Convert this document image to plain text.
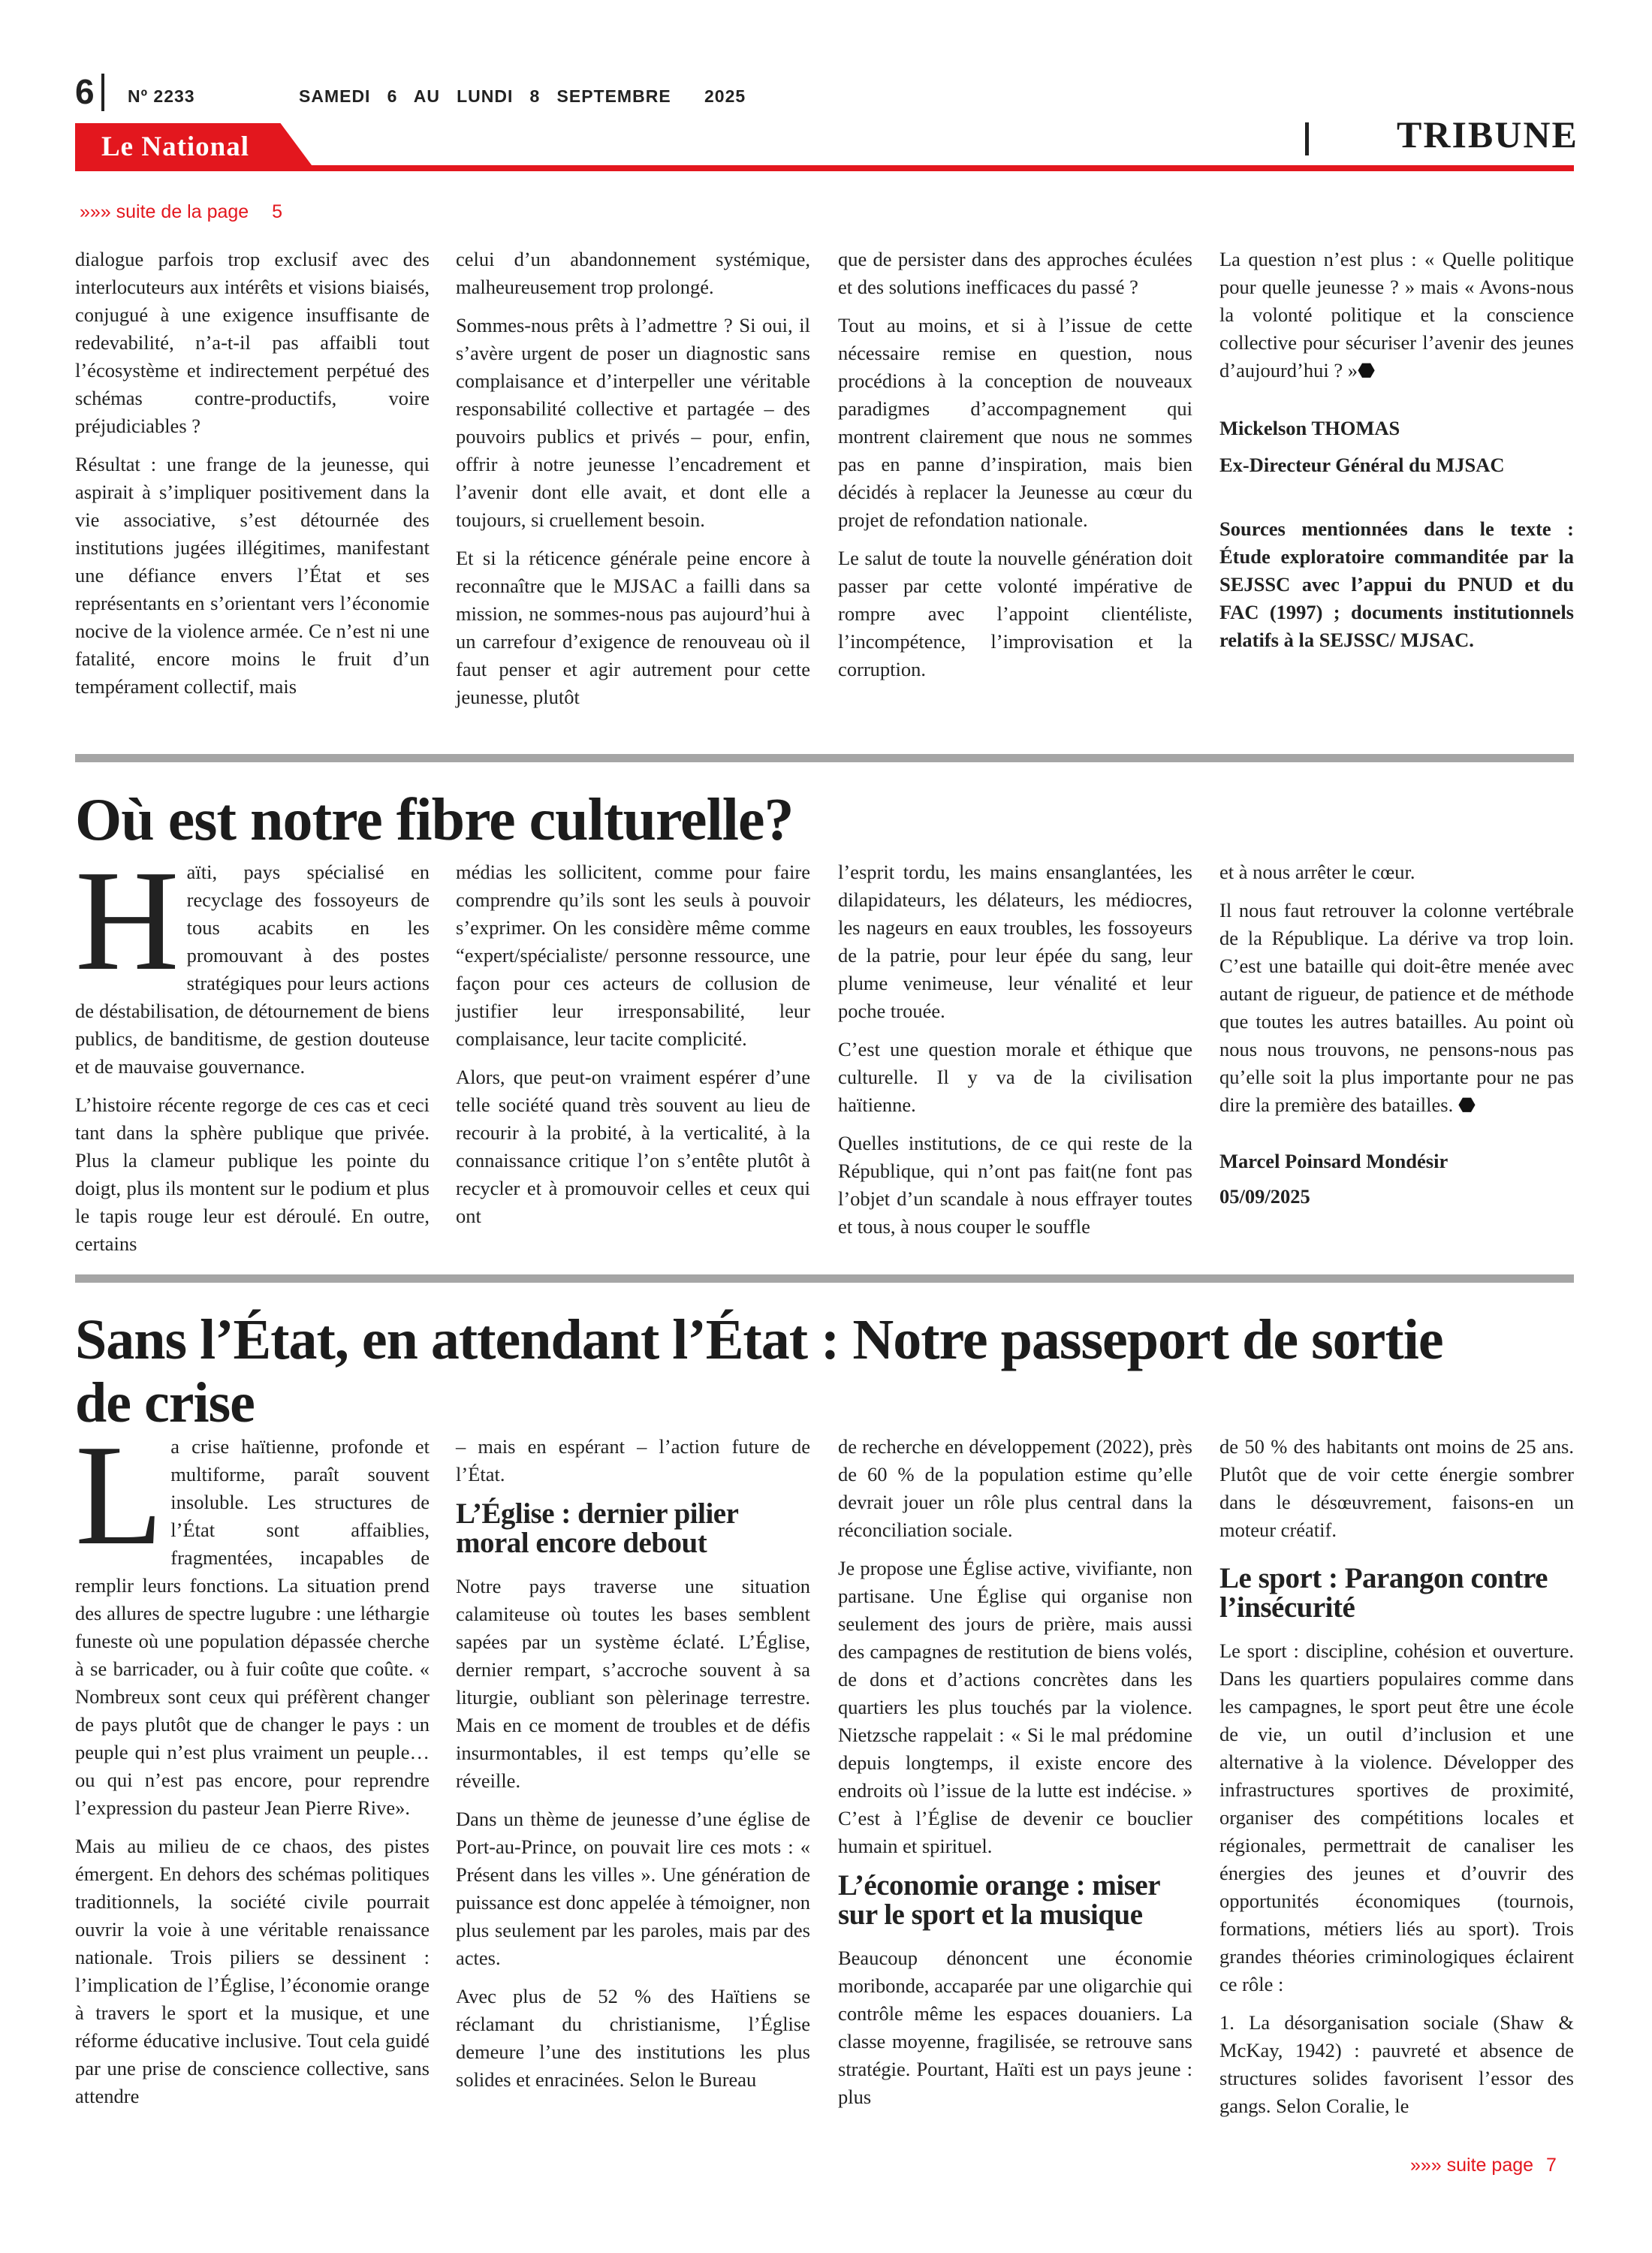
6 Nº 2233	SAMEDI   6   AU   LUNDI   8   SEPTEMBRE      2025
Le National	TRIBUNE
»»» suite de la page 5

dialogue parfois trop exclusif avec des interlocuteurs aux intérêts et visions biaisés, conjugué à une exigence insuffisante de redevabilité, n’a-t-il pas affaibli tout l’écosystème et indirectement perpétué des schémas contre-productifs, voire préjudiciables ?

Résultat : une frange de la jeunesse, qui aspirait à s’impliquer positivement dans la vie associative, s’est détournée des institutions jugées illégitimes, manifestant une défiance envers l’État et ses représentants en s’orientant vers l’économie nocive de la violence armée. Ce n’est ni une fatalité, encore moins le fruit d’un tempérament collectif, mais

celui d’un abandonnement systémique, malheureusement trop prolongé.

Sommes-nous prêts à l’admettre ? Si oui, il s’avère urgent de poser un diagnostic sans complaisance et d’interpeller une véritable responsabilité collective et partagée – des pouvoirs publics et privés – pour, enfin, offrir à notre jeunesse l’encadrement et l’avenir dont elle avait, et dont elle a toujours, si cruellement besoin.

Et si la réticence générale peine encore à reconnaître que le MJSAC a failli dans sa mission, ne sommes-nous pas aujourd’hui à un carrefour d’exigence de renouveau où il faut penser et agir autrement pour cette jeunesse, plutôt

que de persister dans des approches éculées et des solutions inefficaces du passé ?

Tout au moins, et si à l’issue de cette nécessaire remise en question, nous procédions à la conception de nouveaux paradigmes d’accompagnement qui montrent clairement que nous ne sommes pas en panne d’inspiration, mais bien décidés à replacer la Jeunesse au cœur du projet de refondation nationale.

Le salut de toute la nouvelle génération doit passer par cette volonté impérative de rompre avec l’appoint clientéliste, l’incompétence, l’improvisation et la corruption.

La question n’est plus : « Quelle politique pour quelle jeunesse ? » mais « Avons-nous la volonté politique et la conscience collective pour sécuriser l’avenir des jeunes d’aujourd’hui ? »⬣

Mickelson THOMAS

Ex-Directeur Général du MJSAC

Sources mentionnées dans le texte : Étude exploratoire commanditée par la SEJSSC avec l’appui du PNUD et du FAC (1997) ; documents institutionnels relatifs à la SEJSSC/ MJSAC.

Où est notre fibre culturelle?

Haïti, pays spécialisé en recyclage des fossoyeurs de tous acabits en les promouvant à des postes stratégiques pour leurs actions de déstabilisation, de détournement de biens publics, de banditisme, de gestion douteuse et de mauvaise gouvernance.

L’histoire récente regorge de ces cas et ceci tant dans la sphère publique que privée. Plus la clameur publique les pointe du doigt, plus ils montent sur le podium et plus le tapis rouge leur est déroulé. En outre, certains

médias les sollicitent, comme pour faire comprendre qu’ils sont les seuls à pouvoir s’exprimer. On les considère même comme “expert/spécialiste/ personne ressource, une façon pour ces acteurs de collusion de justifier leur irresponsabilité, leur complaisance, leur tacite complicité.

Alors, que peut-on vraiment espérer d’une telle société quand très souvent au lieu de recourir à la probité, à la verticalité, à la connaissance critique l’on s’entête plutôt à recycler et à promouvoir celles et ceux qui ont

l’esprit tordu, les mains ensanglantées, les dilapidateurs, les délateurs, les médiocres, les nageurs en eaux troubles, les fossoyeurs de la patrie, pour leur épée du sang, leur plume venimeuse, leur vénalité et leur poche trouée.

C’est une question morale et éthique que culturelle. Il y va de la civilisation haïtienne.

Quelles institutions, de ce qui reste de la République, qui n’ont pas fait(ne font pas l’objet d’un scandale à nous effrayer toutes et tous, à nous couper le souffle

et à nous arrêter le cœur.

Il nous faut retrouver la colonne vertébrale de la République. La dérive va trop loin. C’est une bataille qui doit-être menée avec autant de rigueur, de patience et de méthode que toutes les autres batailles. Au point où nous nous trouvons, ne pensons-nous pas qu’elle soit la plus importante pour ne pas dire la première des batailles. ⬣

Marcel Poinsard Mondésir

05/09/2025

Sans l’État, en attendant l’État : Notre passeport de sortie
de crise

La crise haïtienne, profonde et multiforme, paraît souvent insoluble. Les structures de l’État sont affaiblies, fragmentées, incapables de remplir leurs fonctions. La situation prend des allures de spectre lugubre : une léthargie funeste où une population dépassée cherche à se barricader, ou à fuir coûte que coûte. « Nombreux sont ceux qui préfèrent changer de pays plutôt que de changer le pays : un peuple qui n’est plus vraiment un peuple… ou qui n’est pas encore, pour reprendre l’expression du pasteur Jean Pierre Rive».

Mais au milieu de ce chaos, des pistes émergent. En dehors des schémas politiques traditionnels, la société civile pourrait ouvrir la voie à une véritable renaissance nationale. Trois piliers se dessinent : l’implication de l’Église, l’économie orange à travers le sport et la musique, et une réforme éducative inclusive. Tout cela guidé par une prise de conscience collective, sans attendre

– mais en espérant – l’action future de l’État.

L’Église : dernier pilier moral encore debout

Notre pays traverse une situation calamiteuse où toutes les bases semblent sapées par un système éclaté. L’Église, dernier rempart, s’accroche souvent à sa liturgie, oubliant son pèlerinage terrestre. Mais en ce moment de troubles et de défis insurmontables, il est temps qu’elle se réveille.

Dans un thème de jeunesse d’une église de Port-au-Prince, on pouvait lire ces mots : « Présent dans les villes ». Une génération de puissance est donc appelée à témoigner, non plus seulement par les paroles, mais par des actes.

Avec plus de 52 % des Haïtiens se réclamant du christianisme, l’Église demeure l’une des institutions les plus solides et enracinées. Selon le Bureau

de recherche en développement (2022), près de 60 % de la population estime qu’elle devrait jouer un rôle plus central dans la réconciliation sociale.

Je propose une Église active, vivifiante, non partisane. Une Église qui organise non seulement des jours de prière, mais aussi des campagnes de restitution de biens volés, de dons et d’actions concrètes dans les quartiers les plus touchés par la violence. Nietzsche rappelait : « Si le mal prédomine depuis longtemps, il existe encore des endroits où l’issue de la lutte est indécise. » C’est à l’Église de devenir ce bouclier humain et spirituel.

L’économie orange : miser sur le sport et la musique

Beaucoup dénoncent une économie moribonde, accaparée par une oligarchie qui contrôle même les espaces douaniers. La classe moyenne, fragilisée, se retrouve sans stratégie. Pourtant, Haïti est un pays jeune : plus

de 50 % des habitants ont moins de 25 ans. Plutôt que de voir cette énergie sombrer dans le désœuvrement, faisons-en un moteur créatif.

Le sport : Parangon contre l’insécurité

Le sport : discipline, cohésion et ouverture. Dans les quartiers populaires comme dans les campagnes, le sport peut être une école de vie, un outil d’inclusion et une alternative à la violence. Développer des infrastructures sportives de proximité, organiser des compétitions locales et régionales, permettrait de canaliser les énergies des jeunes et d’ouvrir des opportunités économiques (tournois, formations, métiers liés au sport). Trois grandes théories criminologiques éclairent ce rôle :

1. La désorganisation sociale (Shaw & McKay, 1942) : pauvreté et absence de structures solides favorisent l’essor des gangs. Selon Coralie, le

»»» suite page 7
